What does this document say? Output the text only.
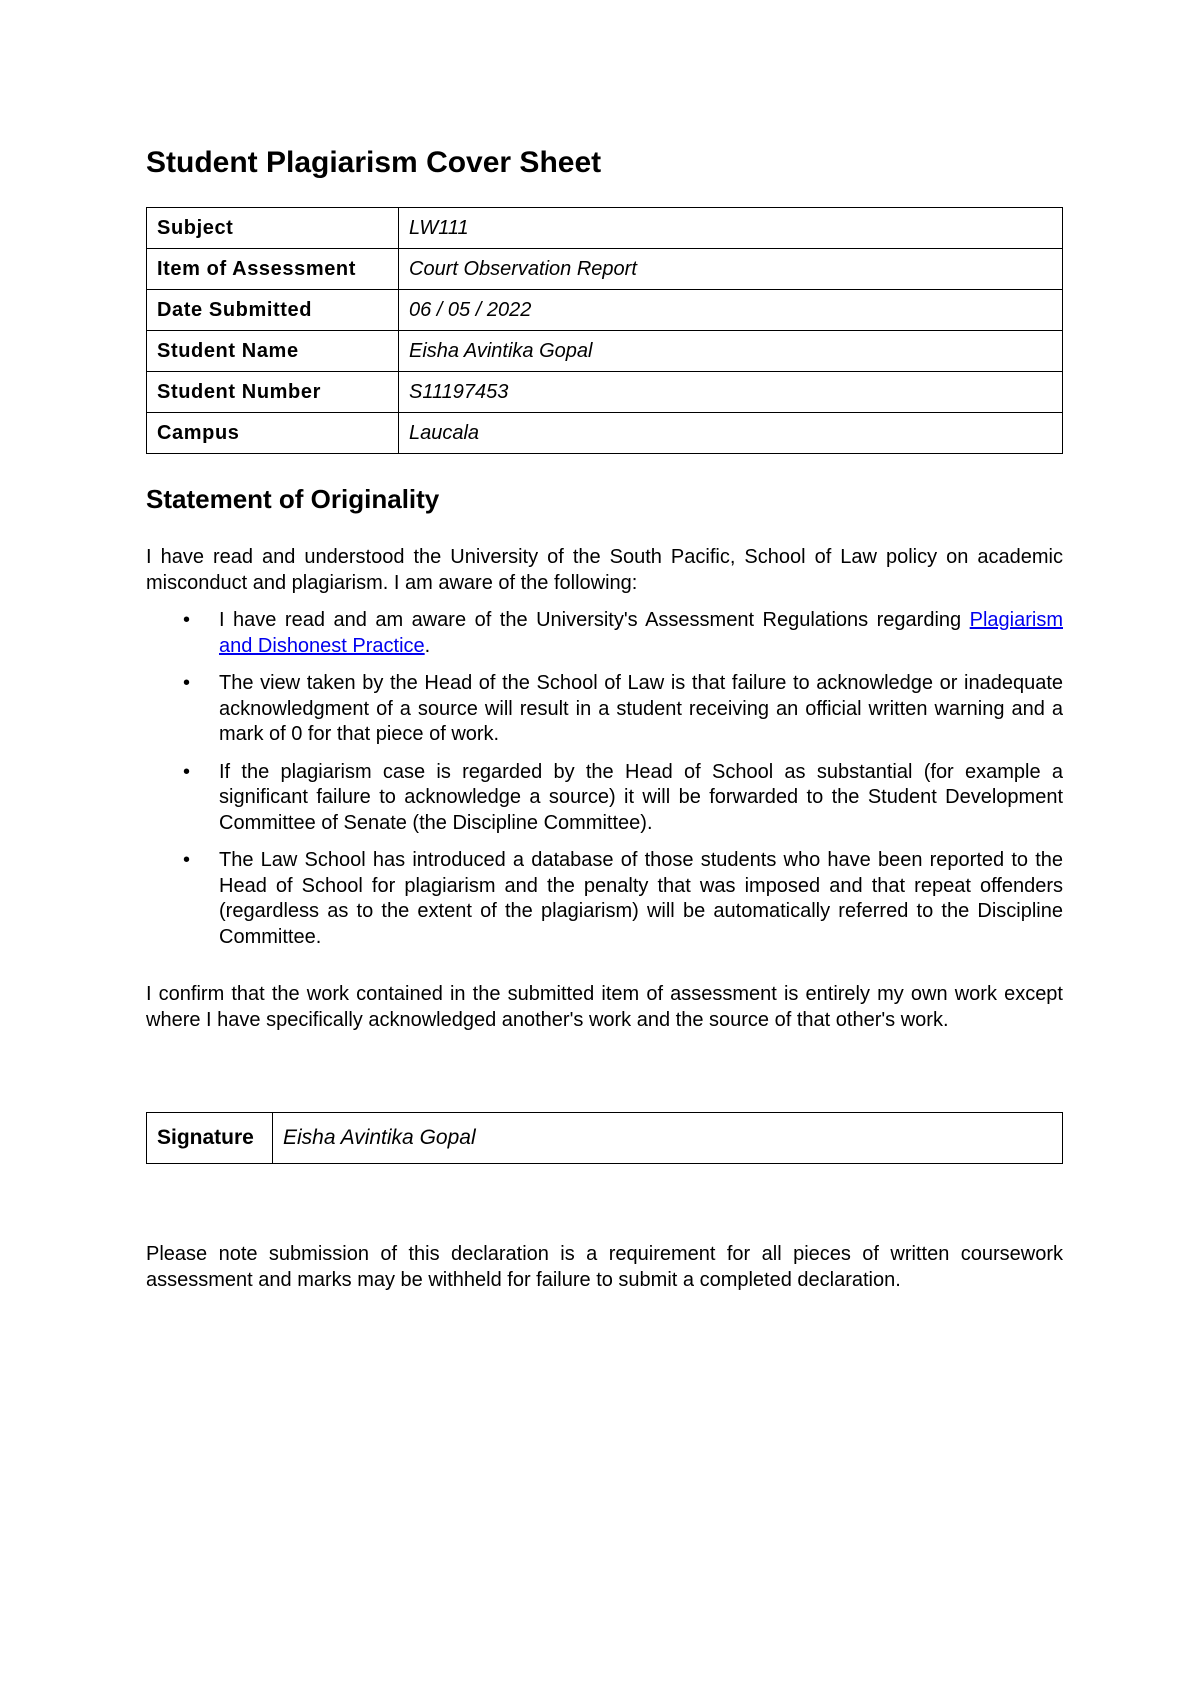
Student Plagiarism Cover Sheet
Subject	LW111
Item of Assessment	Court Observation Report
Date Submitted	06 / 05 / 2022
Student Name	Eisha Avintika Gopal
Student Number	S11197453
Campus	Laucala
Statement of Originality

I have read and understood the University of the South Pacific, School of Law policy on academic misconduct and plagiarism. I am aware of the following:

• I have read and am aware of the University's Assessment Regulations regarding Plagiarism and Dishonest Practice.
• The view taken by the Head of the School of Law is that failure to acknowledge or inadequate acknowledgment of a source will result in a student receiving an official written warning and a mark of 0 for that piece of work.
• If the plagiarism case is regarded by the Head of School as substantial (for example a significant failure to acknowledge a source) it will be forwarded to the Student Development Committee of Senate (the Discipline Committee).
• The Law School has introduced a database of those students who have been reported to the Head of School for plagiarism and the penalty that was imposed and that repeat offenders (regardless as to the extent of the plagiarism) will be automatically referred to the Discipline Committee.

I confirm that the work contained in the submitted item of assessment is entirely my own work except where I have specifically acknowledged another's work and the source of that other's work.

Signature	Eisha Avintika Gopal

Please note submission of this declaration is a requirement for all pieces of written coursework assessment and marks may be withheld for failure to submit a completed declaration.
